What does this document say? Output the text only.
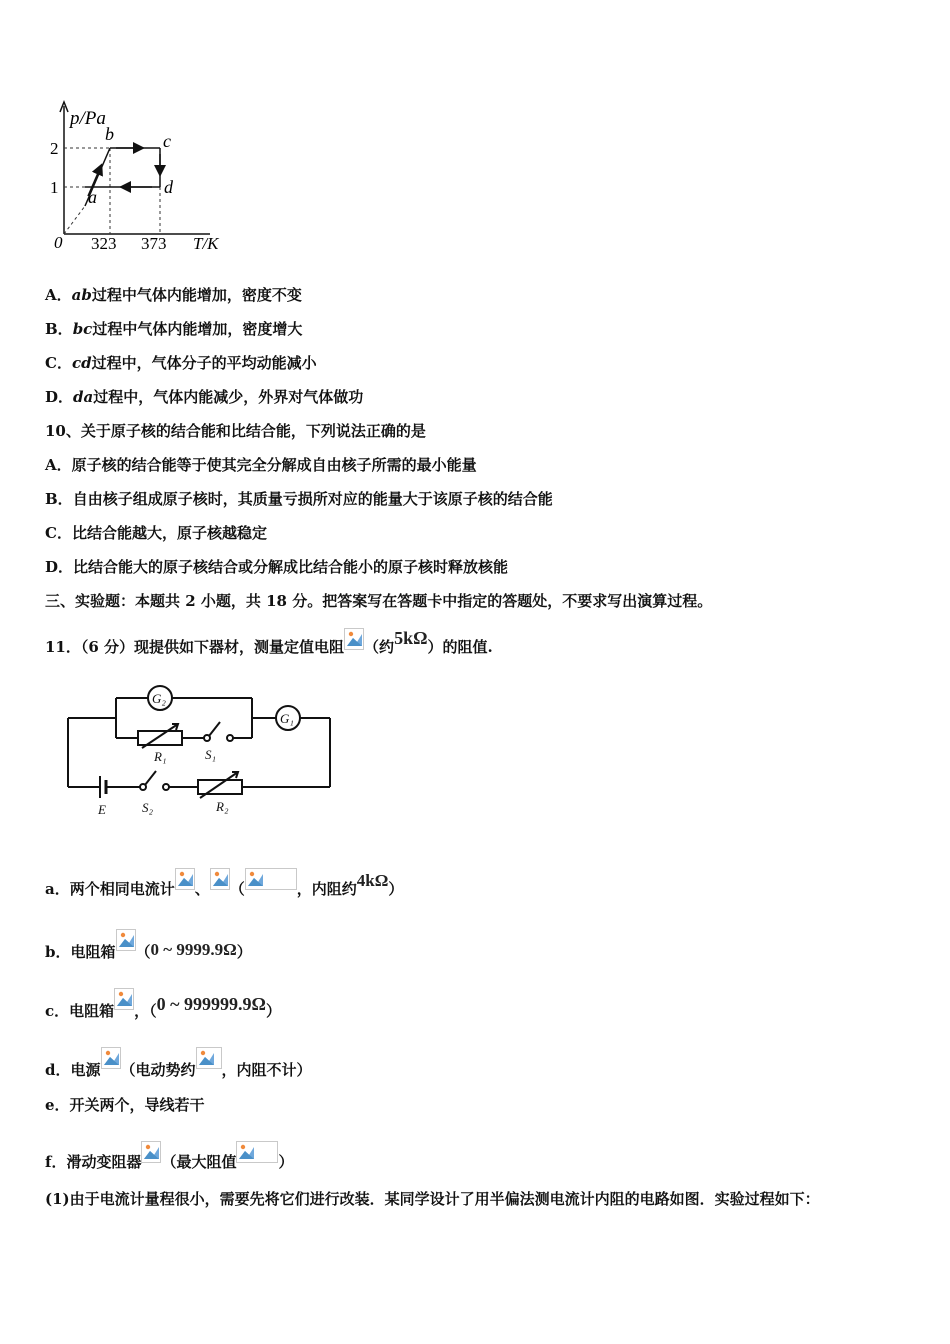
p/Pa
T/K
0
2
1
323 373
a
b	c
d
A．ab过程中气体内能增加，密度不变
B．bc过程中气体内能增加，密度增大
C．cd过程中，气体分子的平均动能减小
D．da过程中，气体内能减少，外界对气体做功
10、关于原子核的结合能和比结合能，下列说法正确的是
A．原子核的结合能等于使其完全分解成自由核子所需的最小能量
B．自由核子组成原子核时，其质量亏损所对应的能量大于该原子核的结合能
C．比结合能越大，原子核越稳定
D．比结合能大的原子核结合或分解成比结合能小的原子核时释放核能
三、实验题：本题共 2 小题，共 18 分。把答案写在答题卡中指定的答题处，不要求写出演算过程。
11．（6 分）现提供如下器材，测量定值电阻 （约5kΩ）的阻值.
G₂
G₁
R₁	S₁
E	S₂	R₂
a．两个相同电流计 、 （	，内阻约4kΩ）
b．电阻箱 （0 ~ 9999.9Ω）
c．电阻箱 ，（0 ~ 999999.9Ω）
d．电源 （电动势约 ，内阻不计）
e．开关两个，导线若干
f．滑动变阻器 （最大阻值	）
(1)由于电流计量程很小，需要先将它们进行改装．某同学设计了用半偏法测电流计内阻的电路如图．实验过程如下：
